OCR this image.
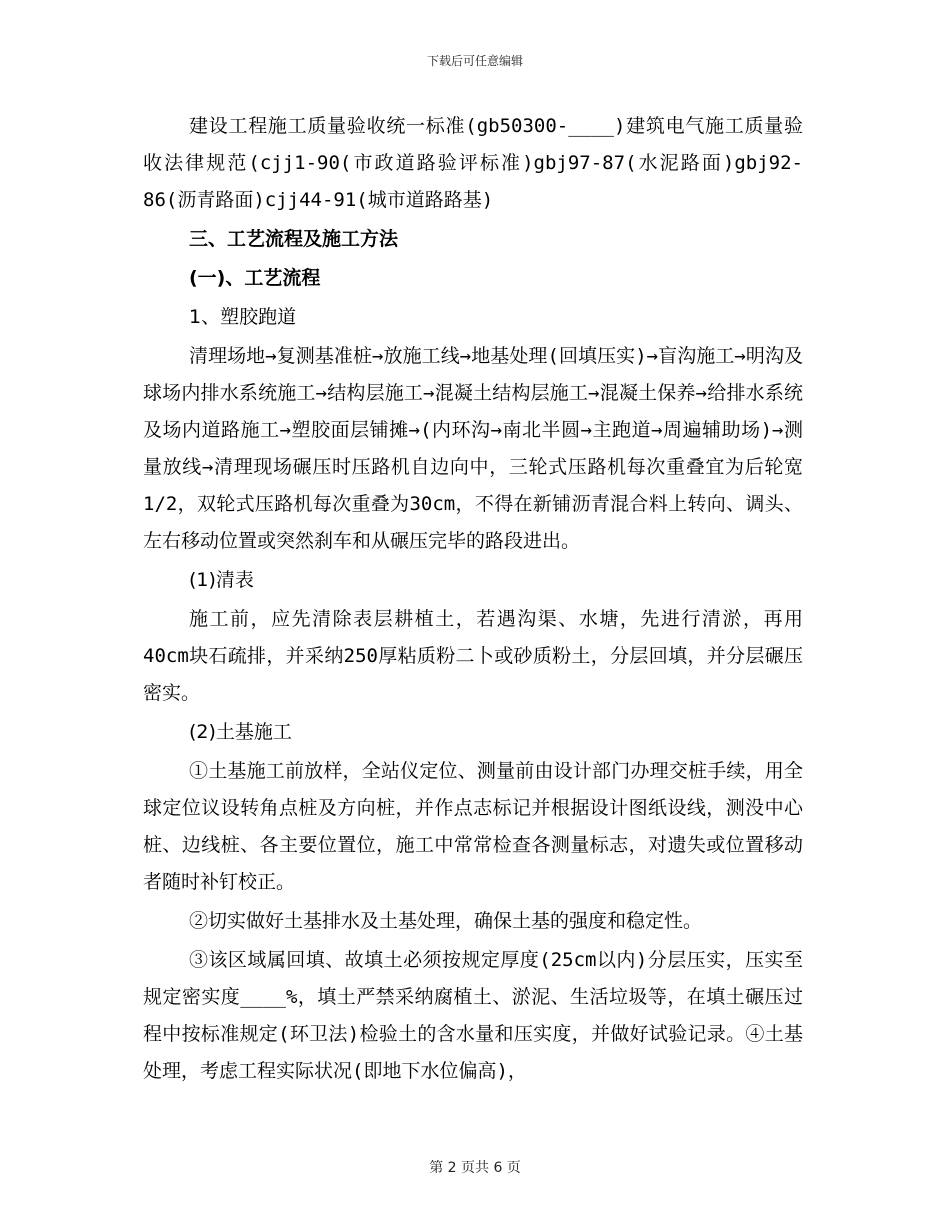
下载后可任意编辑

建设工程施工质量验收统一标准(gb50300-____)建筑电气施工质量验收法律规范(cjj1-90(市政道路验评标准)gbj97-87(水泥路面)gbj92-86(沥青路面)cjj44-91(城市道路路基)

三、工艺流程及施工方法

(一)、工艺流程

1、塑胶跑道

清理场地→复测基准桩→放施工线→地基处理(回填压实)→盲沟施工→明沟及球场内排水系统施工→结构层施工→混凝土结构层施工→混凝土保养→给排水系统及场内道路施工→塑胶面层铺摊→(内环沟→南北半圆→主跑道→周遍辅助场)→测量放线→清理现场碾压时压路机自边向中，三轮式压路机每次重叠宜为后轮宽1/2，双轮式压路机每次重叠为30cm，不得在新铺沥青混合料上转向、调头、左右移动位置或突然刹车和从碾压完毕的路段进出。

(1)清表

施工前，应先清除表层耕植土，若遇沟渠、水塘，先进行清淤，再用40cm块石疏排，并采纳250厚粘质粉二卜或砂质粉土，分层回填，并分层碾压密实。

(2)土基施工

①土基施工前放样，全站仪定位、测量前由设计部门办理交桩手续，用全球定位议设转角点桩及方向桩，并作点志标记并根据设计图纸设线，测没中心桩、边线桩、各主要位置位，施工中常常检查各测量标志，对遗失或位置移动者随时补钉校正。

②切实做好土基排水及土基处理，确保土基的强度和稳定性。

③该区域属回填、故填土必须按规定厚度(25cm以内)分层压实，压实至规定密实度____%，填土严禁采纳腐植土、淤泥、生活垃圾等，在填土碾压过程中按标准规定(环卫法)检验土的含水量和压实度，并做好试验记录。④土基处理，考虑工程实际状况(即地下水位偏高)，

第 2 页共 6 页
